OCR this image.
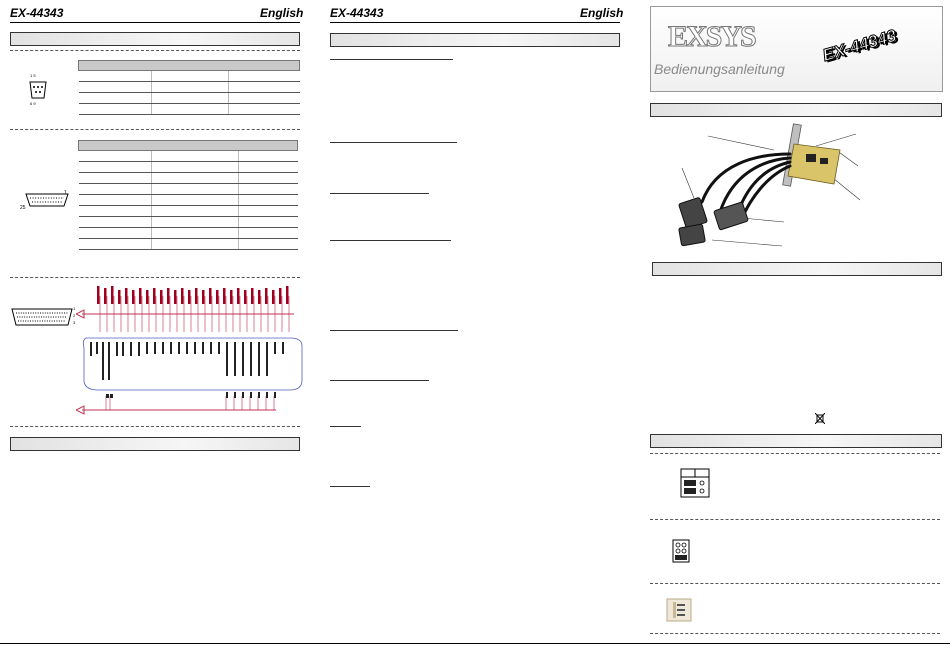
EX-44343	English
1 5
6 9

1
25

1
2
3
EX-44343	English
EXSYS
Bedienungsanleitung
EX-44343
